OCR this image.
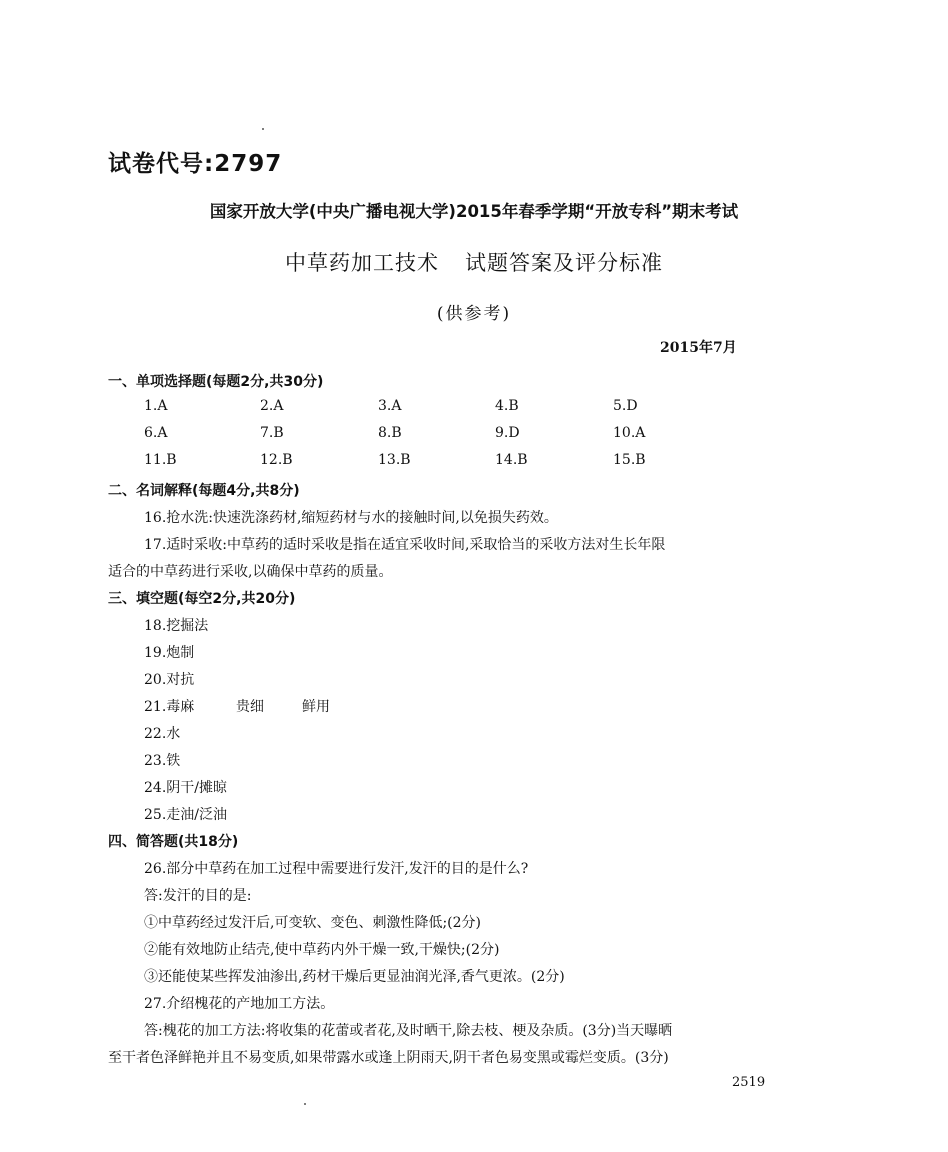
试卷代号:2797
国家开放大学(中央广播电视大学)2015年春季学期“开放专科”期末考试
中草药加工技术 试题答案及评分标准
(供参考)
2015年7月
一、单项选择题(每题2分,共30分)
1.A	2.A	3.A	4.B	5.D
6.A	7.B	8.B	9.D	10.A
11.B	12.B	13.B	14.B	15.B
二、名词解释(每题4分,共8分)
16.抢水洗:快速洗涤药材,缩短药材与水的接触时间,以免损失药效。
17.适时采收:中草药的适时采收是指在适宜采收时间,采取恰当的采收方法对生长年限
适合的中草药进行采收,以确保中草药的质量。
三、填空题(每空2分,共20分)
18.挖掘法
19.炮制
20.对抗
21.毒麻	贵细	鲜用
22.水
23.铁
24.阴干/摊晾
25.走油/泛油
四、简答题(共18分)
26.部分中草药在加工过程中需要进行发汗,发汗的目的是什么?
答:发汗的目的是:
①中草药经过发汗后,可变软、变色、刺激性降低;(2分)
②能有效地防止结壳,使中草药内外干燥一致,干燥快;(2分)
③还能使某些挥发油渗出,药材干燥后更显油润光泽,香气更浓。(2分)
27.介绍槐花的产地加工方法。
答:槐花的加工方法:将收集的花蕾或者花,及时晒干,除去枝、梗及杂质。(3分)当天曝晒
至干者色泽鲜艳并且不易变质,如果带露水或逢上阴雨天,阴干者色易变黑或霉烂变质。(3分)
2519
